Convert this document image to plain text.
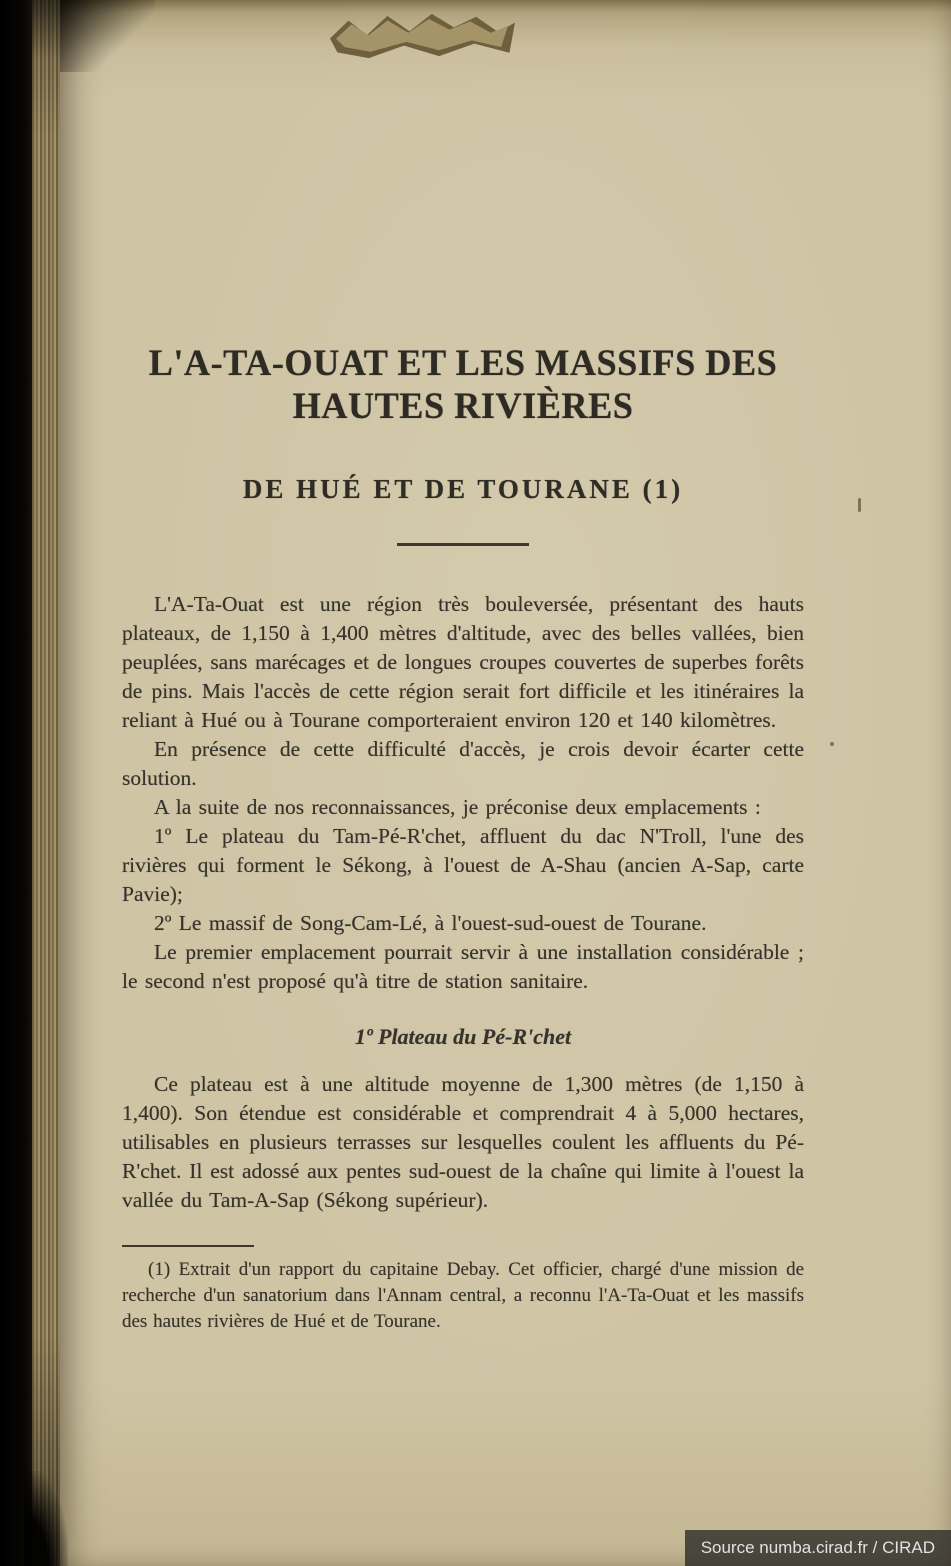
L'A-TA-OUAT ET LES MASSIFS DES HAUTES RIVIÈRES
DE HUÉ ET DE TOURANE (1)

L'A-Ta-Ouat est une région très bouleversée, présentant des hauts plateaux, de 1,150 à 1,400 mètres d'altitude, avec des belles vallées, bien peuplées, sans marécages et de longues croupes couvertes de superbes forêts de pins. Mais l'accès de cette région serait fort difficile et les itinéraires la reliant à Hué ou à Tourane comporteraient environ 120 et 140 kilomètres.

En présence de cette difficulté d'accès, je crois devoir écarter cette solution.

A la suite de nos reconnaissances, je préconise deux emplacements :

1º Le plateau du Tam-Pé-R'chet, affluent du dac N'Troll, l'une des rivières qui forment le Sékong, à l'ouest de A-Shau (ancien A-Sap, carte Pavie);

2º Le massif de Song-Cam-Lé, à l'ouest-sud-ouest de Tourane.

Le premier emplacement pourrait servir à une installation considérable ; le second n'est proposé qu'à titre de station sanitaire.

1º Plateau du Pé-R'chet

Ce plateau est à une altitude moyenne de 1,300 mètres (de 1,150 à 1,400). Son étendue est considérable et comprendrait 4 à 5,000 hectares, utilisables en plusieurs terrasses sur lesquelles coulent les affluents du Pé-R'chet. Il est adossé aux pentes sud-ouest de la chaîne qui limite à l'ouest la vallée du Tam-A-Sap (Sékong supérieur).

(1) Extrait d'un rapport du capitaine Debay. Cet officier, chargé d'une mission de recherche d'un sanatorium dans l'Annam central, a reconnu l'A-Ta-Ouat et les massifs des hautes rivières de Hué et de Tourane.

Source numba.cirad.fr / CIRAD
